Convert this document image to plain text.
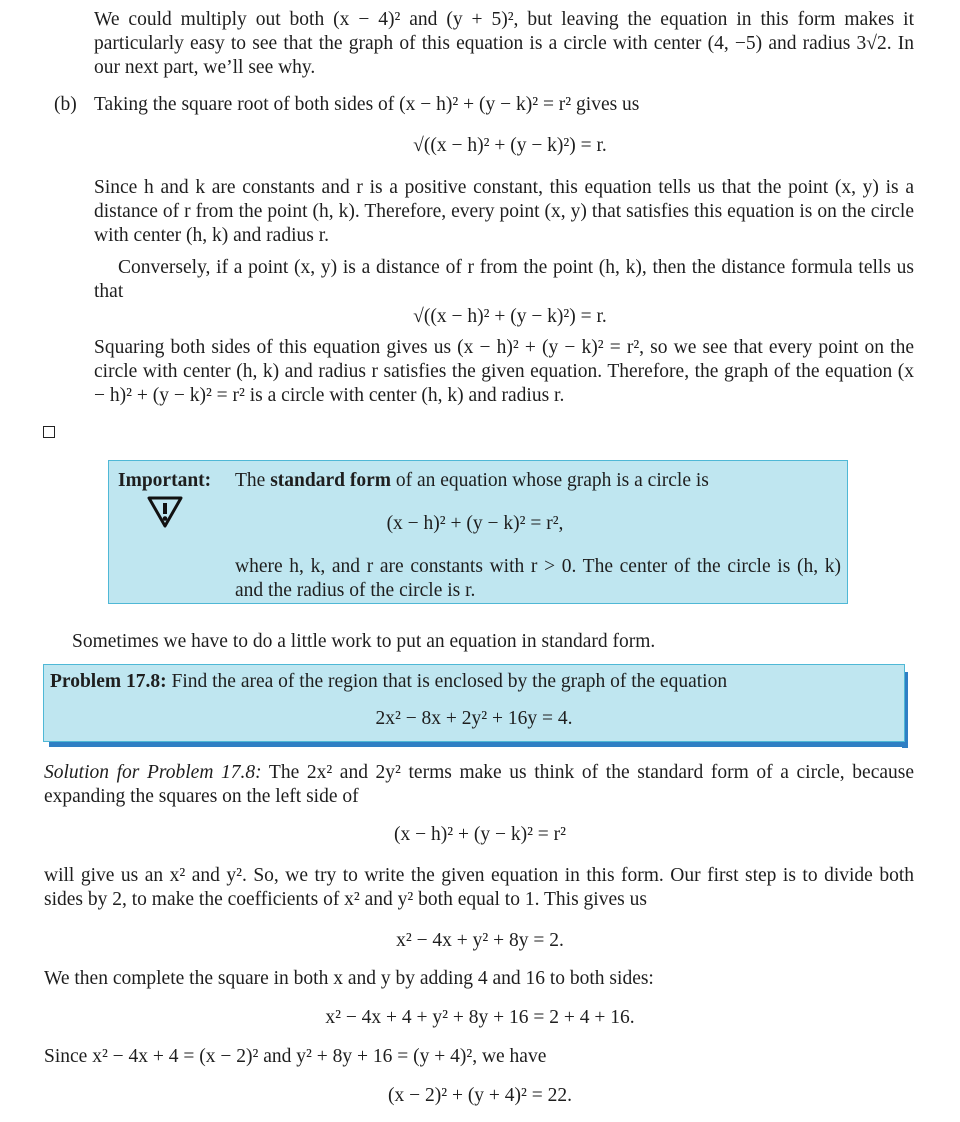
We could multiply out both (x − 4)² and (y + 5)², but leaving the equation in this form makes it particularly easy to see that the graph of this equation is a circle with center (4, −5) and radius 3√2. In our next part, we’ll see why.
(b) Taking the square root of both sides of (x − h)² + (y − k)² = r² gives us
√((x − h)² + (y − k)²) = r.
Since h and k are constants and r is a positive constant, this equation tells us that the point (x, y) is a distance of r from the point (h, k). Therefore, every point (x, y) that satisfies this equation is on the circle with center (h, k) and radius r.
Conversely, if a point (x, y) is a distance of r from the point (h, k), then the distance formula tells us that
√((x − h)² + (y − k)²) = r.
Squaring both sides of this equation gives us (x − h)² + (y − k)² = r², so we see that every point on the circle with center (h, k) and radius r satisfies the given equation. Therefore, the graph of the equation (x − h)² + (y − k)² = r² is a circle with center (h, k) and radius r.
Important: The standard form of an equation whose graph is a circle is
(x − h)² + (y − k)² = r²,
where h, k, and r are constants with r > 0. The center of the circle is (h, k) and the radius of the circle is r.
Sometimes we have to do a little work to put an equation in standard form.
Problem 17.8: Find the area of the region that is enclosed by the graph of the equation
2x² − 8x + 2y² + 16y = 4.
Solution for Problem 17.8: The 2x² and 2y² terms make us think of the standard form of a circle, because expanding the squares on the left side of
(x − h)² + (y − k)² = r²
will give us an x² and y². So, we try to write the given equation in this form. Our first step is to divide both sides by 2, to make the coefficients of x² and y² both equal to 1. This gives us
x² − 4x + y² + 8y = 2.
We then complete the square in both x and y by adding 4 and 16 to both sides:
x² − 4x + 4 + y² + 8y + 16 = 2 + 4 + 16.
Since x² − 4x + 4 = (x − 2)² and y² + 8y + 16 = (y + 4)², we have
(x − 2)² + (y + 4)² = 22.
